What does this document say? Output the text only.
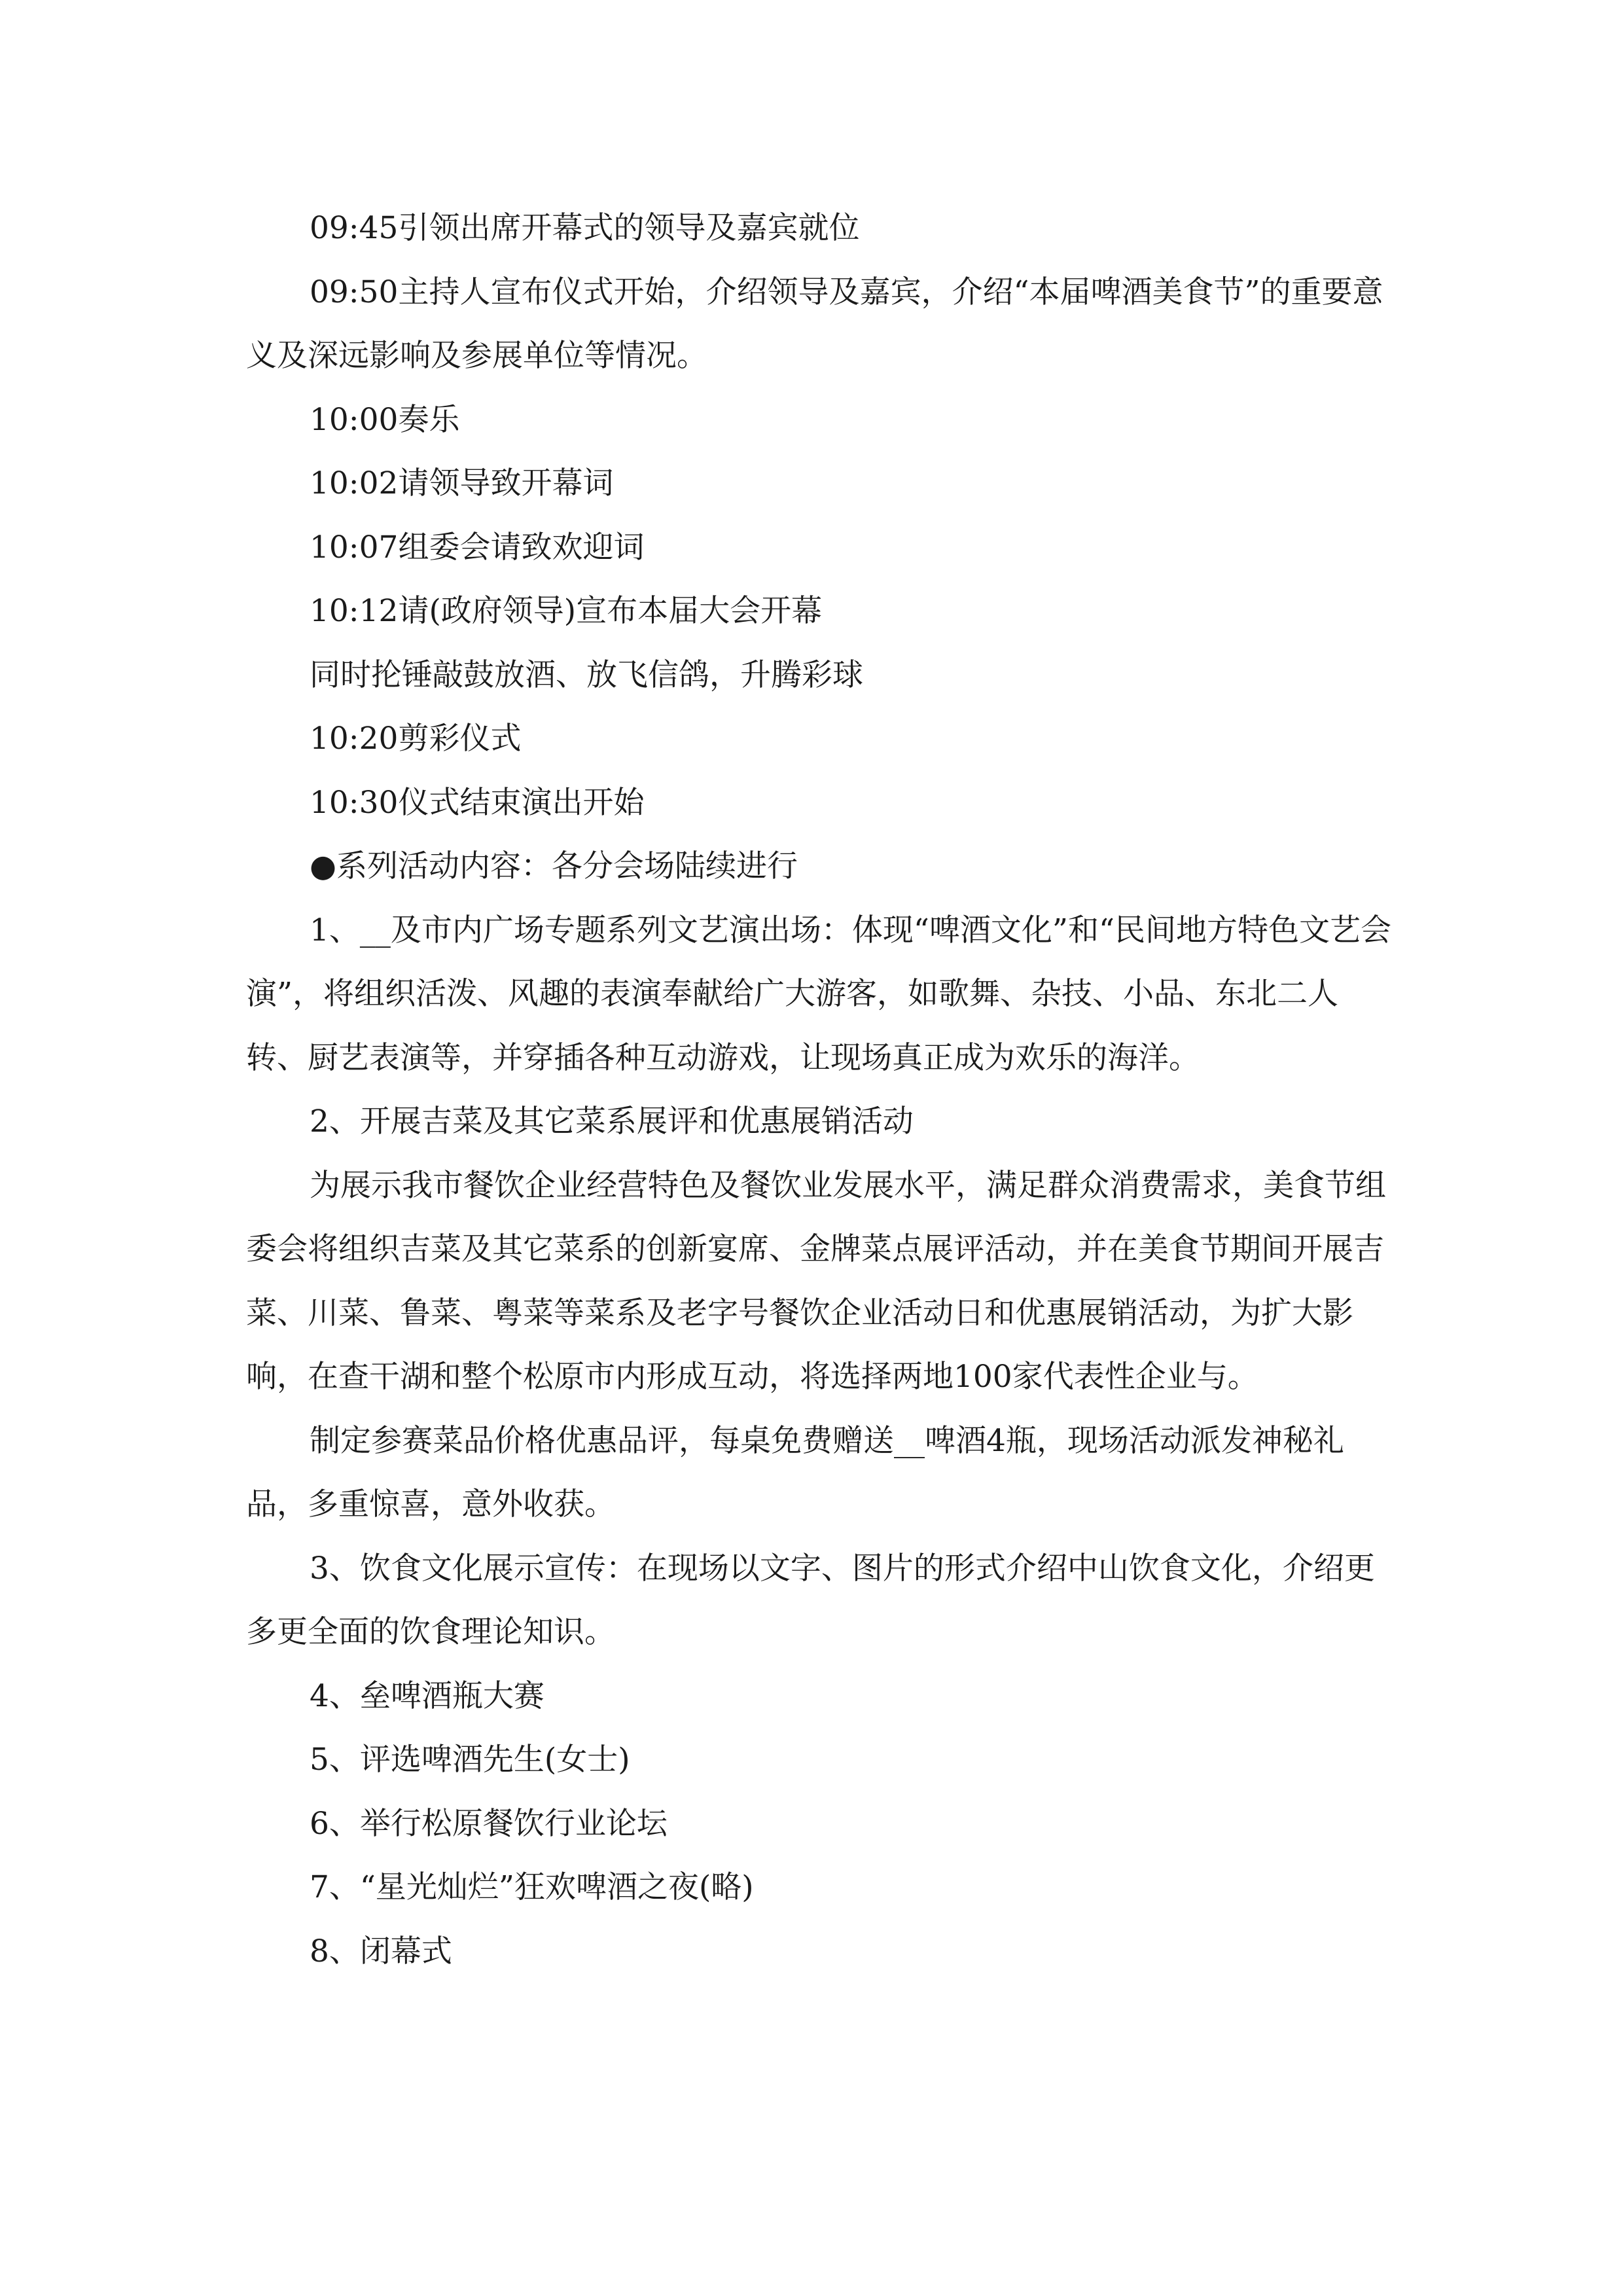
09:45引领出席开幕式的领导及嘉宾就位

09:50主持人宣布仪式开始，介绍领导及嘉宾，介绍“本届啤酒美食节”的重要意义及深远影响及参展单位等情况。

10:00奏乐

10:02请领导致开幕词

10:07组委会请致欢迎词

10:12请(政府领导)宣布本届大会开幕

同时抡锤敲鼓放酒、放飞信鸽，升腾彩球

10:20剪彩仪式

10:30仪式结束演出开始

●系列活动内容：各分会场陆续进行

1、__及市内广场专题系列文艺演出场：体现“啤酒文化”和“民间地方特色文艺会演”，将组织活泼、风趣的表演奉献给广大游客，如歌舞、杂技、小品、东北二人转、厨艺表演等，并穿插各种互动游戏，让现场真正成为欢乐的海洋。

2、开展吉菜及其它菜系展评和优惠展销活动

为展示我市餐饮企业经营特色及餐饮业发展水平，满足群众消费需求，美食节组委会将组织吉菜及其它菜系的创新宴席、金牌菜点展评活动，并在美食节期间开展吉菜、川菜、鲁菜、粤菜等菜系及老字号餐饮企业活动日和优惠展销活动，为扩大影响，在查干湖和整个松原市内形成互动，将选择两地100家代表性企业与。

制定参赛菜品价格优惠品评，每桌免费赠送__啤酒4瓶，现场活动派发神秘礼品，多重惊喜，意外收获。

3、饮食文化展示宣传：在现场以文字、图片的形式介绍中山饮食文化，介绍更多更全面的饮食理论知识。

4、垒啤酒瓶大赛

5、评选啤酒先生(女士)

6、举行松原餐饮行业论坛

7、“星光灿烂”狂欢啤酒之夜(略)

8、闭幕式
